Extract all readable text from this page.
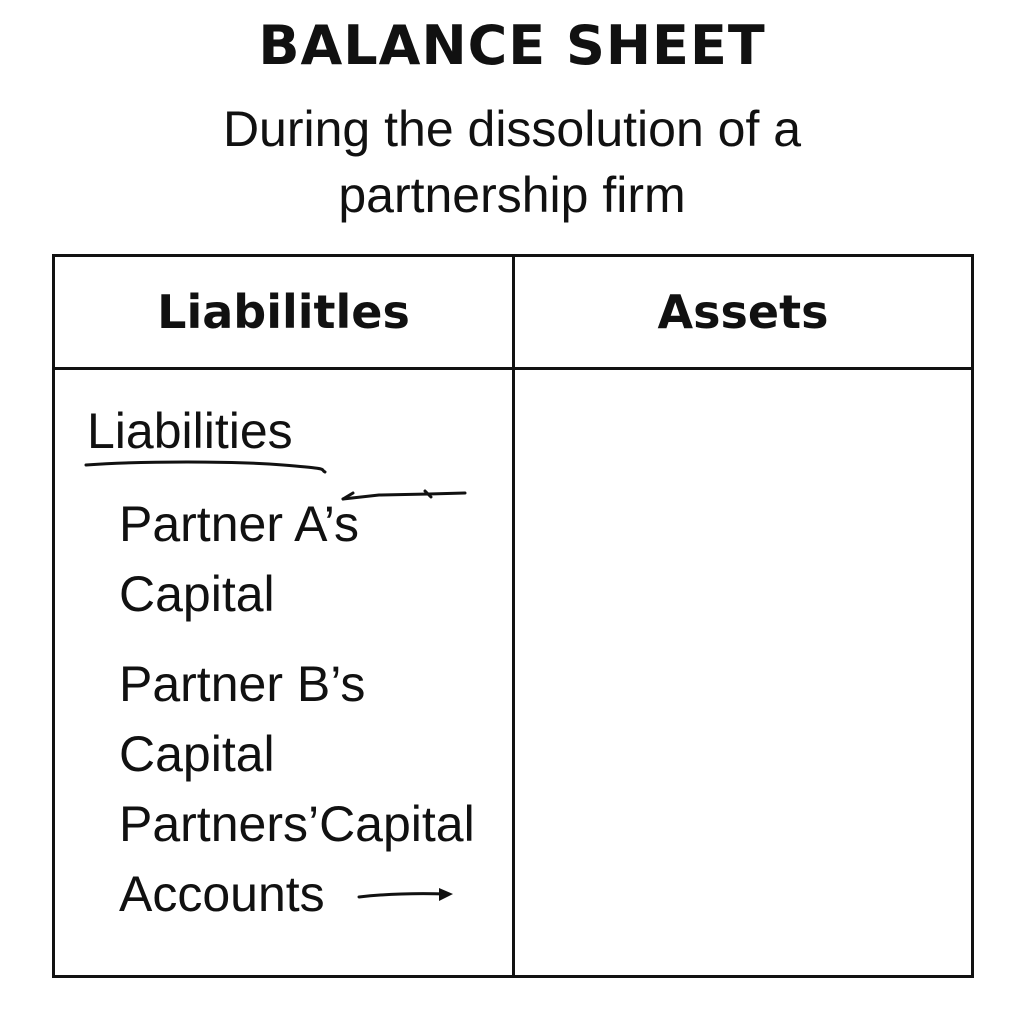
BALANCE SHEET
During the dissolution of a
partnership firm
Liabilitles	Assets
Liabilities
Partner A’s
Capital
Partner B’s
Capital
Partners’Capital
Accounts
